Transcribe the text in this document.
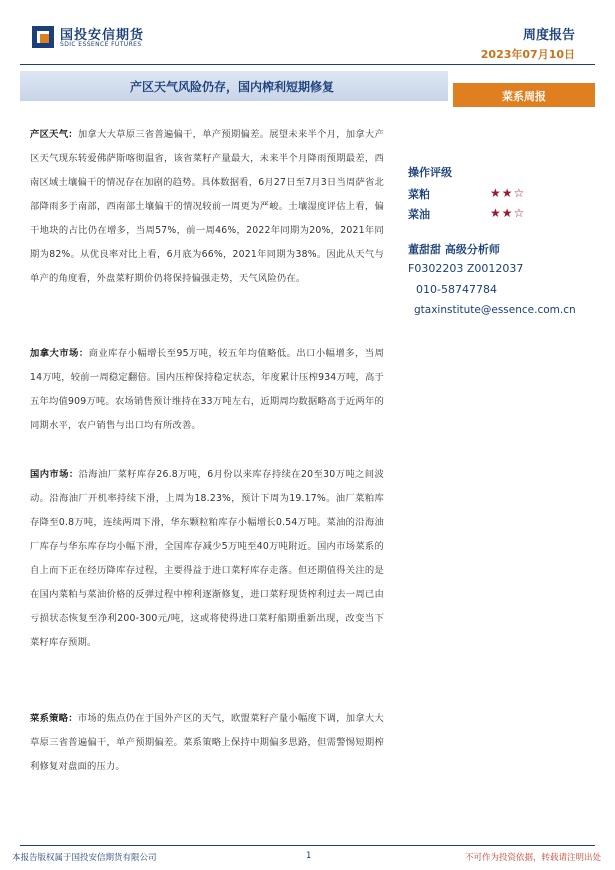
国投安信期货
SDIC ESSENCE FUTURES
周度报告
2023年07月10日
产区天气风险仍存，国内榨利短期修复
菜系周报
产区天气：加拿大大草原三省普遍偏干，单产预期偏差。展望未来半个月，加拿大产区天气现东转爱佛萨斯喀彻温省，该省菜籽产量最大，未来半个月降雨预期最差，西南区域土壤偏干的情况存在加剧的趋势。具体数据看，6月27日至7月3日当周萨省北部降雨多于南部，西南部土壤偏干的情况较前一周更为严峻。土壤湿度评估上看，偏干地块的占比仍在增多，当周57%，前一周46%，2022年同期为20%，2021年同期为82%。从优良率对比上看，6月底为66%，2021年同期为38%。因此从天气与单产的角度看，外盘菜籽期价仍将保持偏强走势，天气风险仍在。
加拿大市场：商业库存小幅增长至95万吨，较五年均值略低。出口小幅增多，当周14万吨，较前一周稳定翻倍。国内压榨保持稳定状态，年度累计压榨934万吨，高于五年均值909万吨。农场销售预计维持在33万吨左右，近期周均数据略高于近两年的同期水平，农户销售与出口均有所改善。
国内市场：沿海油厂菜籽库存26.8万吨，6月份以来库存持续在20至30万吨之间波动。沿海油厂开机率持续下滑，上周为18.23%，预计下周为19.17%。油厂菜粕库存降至0.8万吨，连续两周下滑，华东颗粒粕库存小幅增长0.54万吨。菜油的沿海油厂库存与华东库存均小幅下滑，全国库存减少5万吨至40万吨附近。国内市场菜系的自上而下正在经历降库存过程，主要得益于进口菜籽库存走落。但还期值得关注的是在国内菜粕与菜油价格的反弹过程中榨利逐渐修复，进口菜籽现货榨利过去一周已由亏损状态恢复至净利200-300元/吨，这或将使得进口菜籽船期重新出现，改变当下菜籽库存预期。
菜系策略：市场的焦点仍在于国外产区的天气，欧盟菜籽产量小幅度下调，加拿大大草原三省普遍偏干，单产预期偏差。菜系策略上保持中期偏多思路，但需警惕短期榨利修复对盘面的压力。
操作评级
菜粕	★★☆
菜油	★★☆
董甜甜 高级分析师
F0302203 Z0012037
010-58747784
gtaxinstitute@essence.com.cn
本报告版权属于国投安信期货有限公司	1	不可作为投资依据，转载请注明出处
